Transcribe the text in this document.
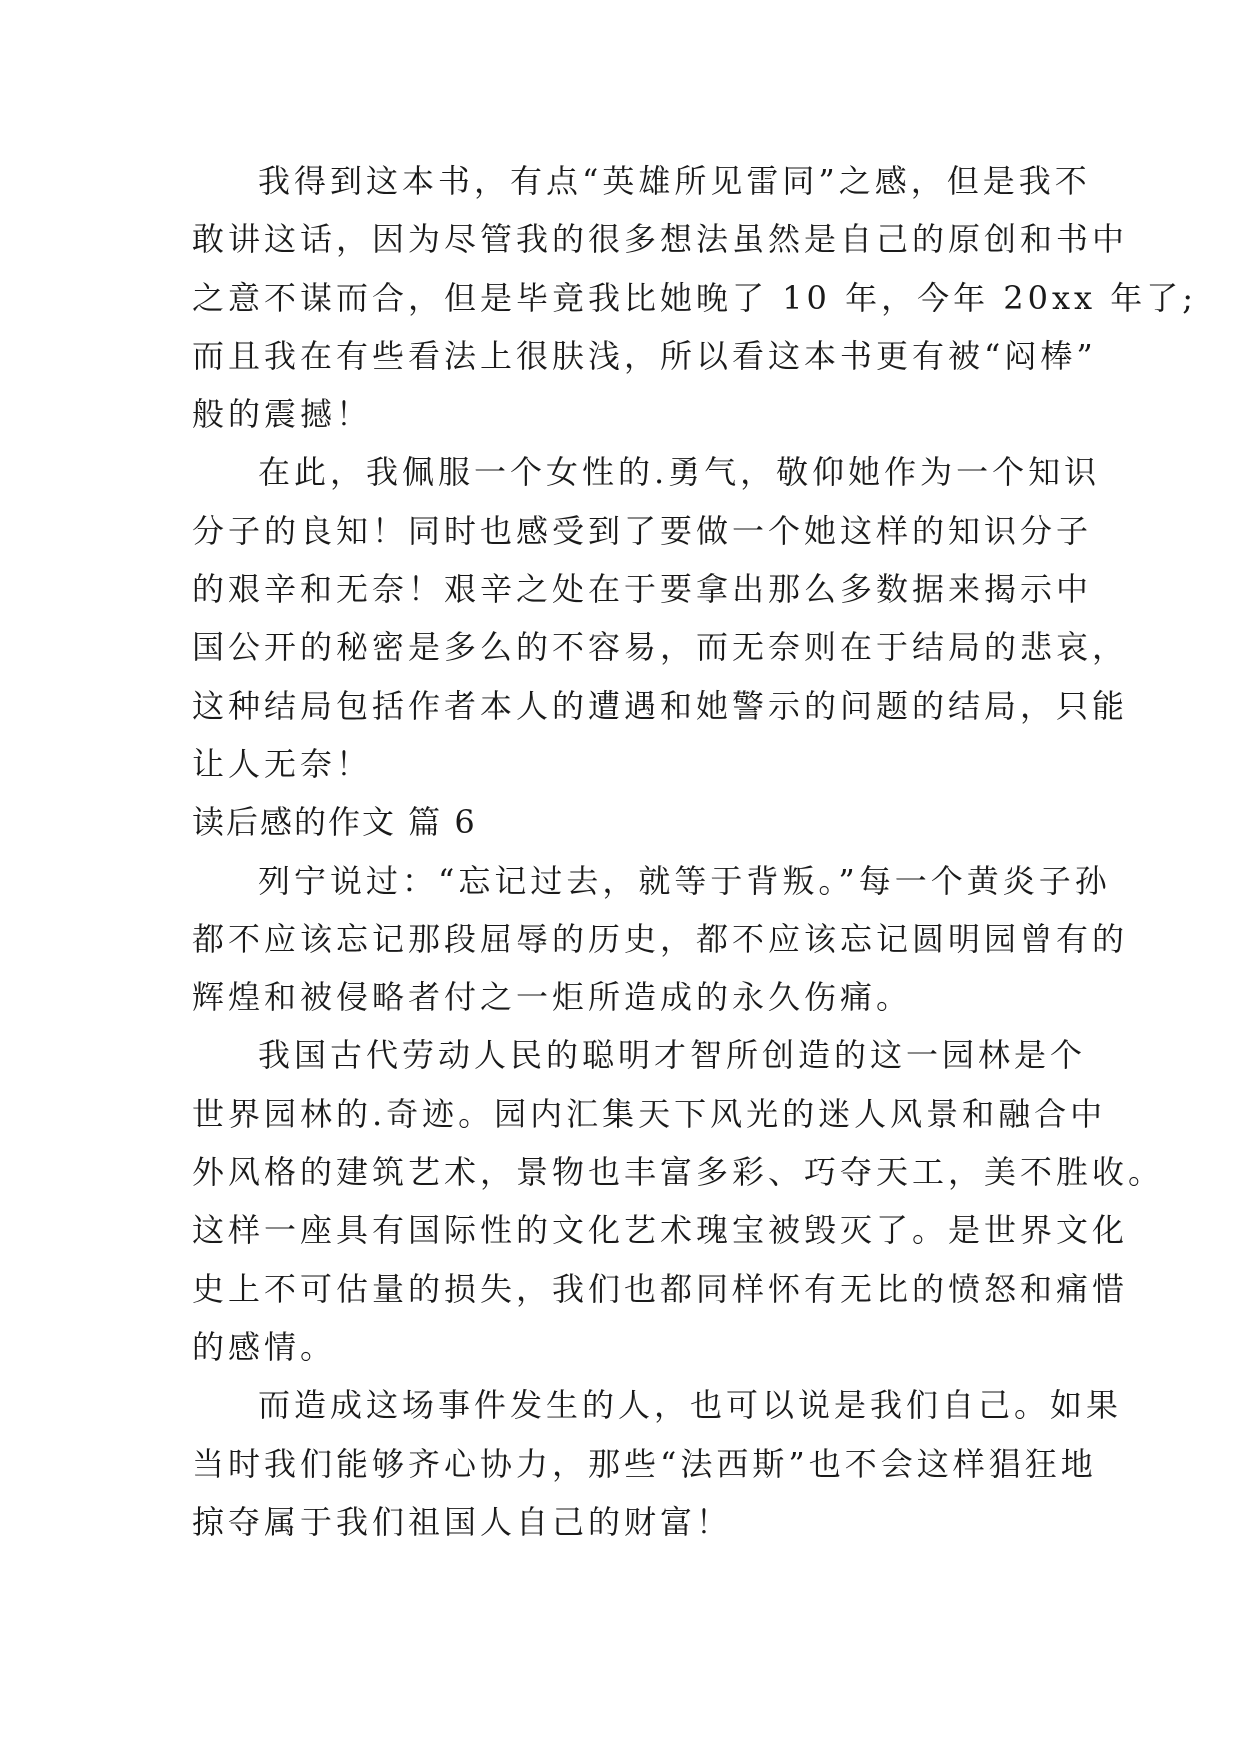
我得到这本书，有点“英雄所见雷同”之感，但是我不
敢讲这话，因为尽管我的很多想法虽然是自己的原创和书中
之意不谋而合，但是毕竟我比她晚了 10 年，今年 20xx 年了;
而且我在有些看法上很肤浅，所以看这本书更有被“闷棒”
般的震撼！

在此，我佩服一个女性的.勇气，敬仰她作为一个知识
分子的良知！同时也感受到了要做一个她这样的知识分子
的艰辛和无奈！艰辛之处在于要拿出那么多数据来揭示中
国公开的秘密是多么的不容易，而无奈则在于结局的悲哀，
这种结局包括作者本人的遭遇和她警示的问题的结局，只能
让人无奈！

读后感的作文 篇 6

列宁说过：“忘记过去，就等于背叛。”每一个黄炎子孙
都不应该忘记那段屈辱的历史，都不应该忘记圆明园曾有的
辉煌和被侵略者付之一炬所造成的永久伤痛。

我国古代劳动人民的聪明才智所创造的这一园林是个
世界园林的.奇迹。园内汇集天下风光的迷人风景和融合中
外风格的建筑艺术，景物也丰富多彩、巧夺天工，美不胜收。
这样一座具有国际性的文化艺术瑰宝被毁灭了。是世界文化
史上不可估量的损失，我们也都同样怀有无比的愤怒和痛惜
的感情。

而造成这场事件发生的人，也可以说是我们自己。如果
当时我们能够齐心协力，那些“法西斯”也不会这样猖狂地
掠夺属于我们祖国人自己的财富！
